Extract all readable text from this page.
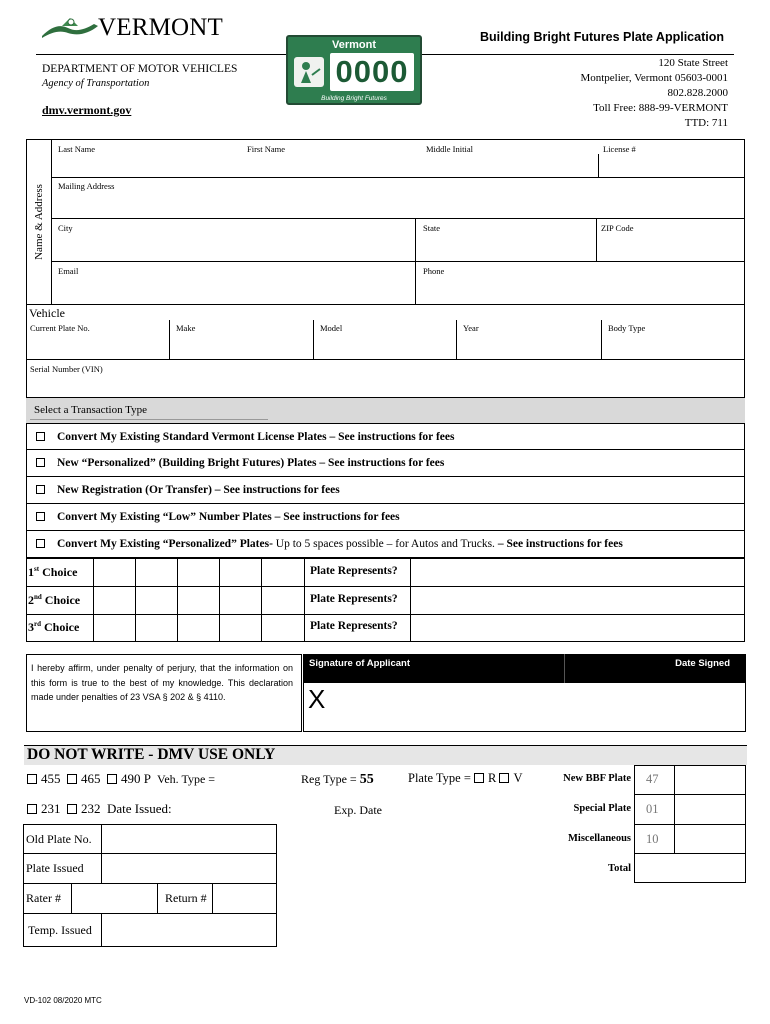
VERMONT	Building Bright Futures Plate Application
DEPARTMENT OF MOTOR VEHICLES
Agency of Transportation
dmv.vermont.gov
120 State Street
Montpelier, Vermont 05603-0001
802.828.2000
Toll Free: 888-99-VERMONT
TTD: 711
Vermont
0000
Building Bright Futures
Name & Address
Last Name	First Name	Middle Initial	License #
Mailing Address
City	State	ZIP Code
Email	Phone
Vehicle
Current Plate No.	Make	Model	Year	Body Type
Serial Number (VIN)
Select a Transaction Type
Convert My Existing Standard Vermont License Plates – See instructions for fees
New “Personalized” (Building Bright Futures) Plates – See instructions for fees
New Registration (Or Transfer) – See instructions for fees
Convert My Existing “Low” Number Plates – See instructions for fees
Convert My Existing “Personalized” Plates- Up to 5 spaces possible – for Autos and Trucks. – See instructions for fees
1st Choice	Plate Represents?
2nd Choice	Plate Represents?
3rd Choice	Plate Represents?
I hereby affirm, under penalty of perjury, that the information on this form is true to the best of my knowledge. This declaration made under penalties of 23 VSA § 202 & § 4110.
Signature of Applicant	Date Signed
X
DO NOT WRITE - DMV USE ONLY
455 465 490 P Veh. Type =	Reg Type = 55	Plate Type = R V	New BBF Plate 47
Special Plate 01
Miscellaneous 10
Total
231 232 Date Issued:	Exp. Date
Old Plate No.
Plate Issued
Rater #	Return #
Temp. Issued
VD-102 08/2020 MTC
